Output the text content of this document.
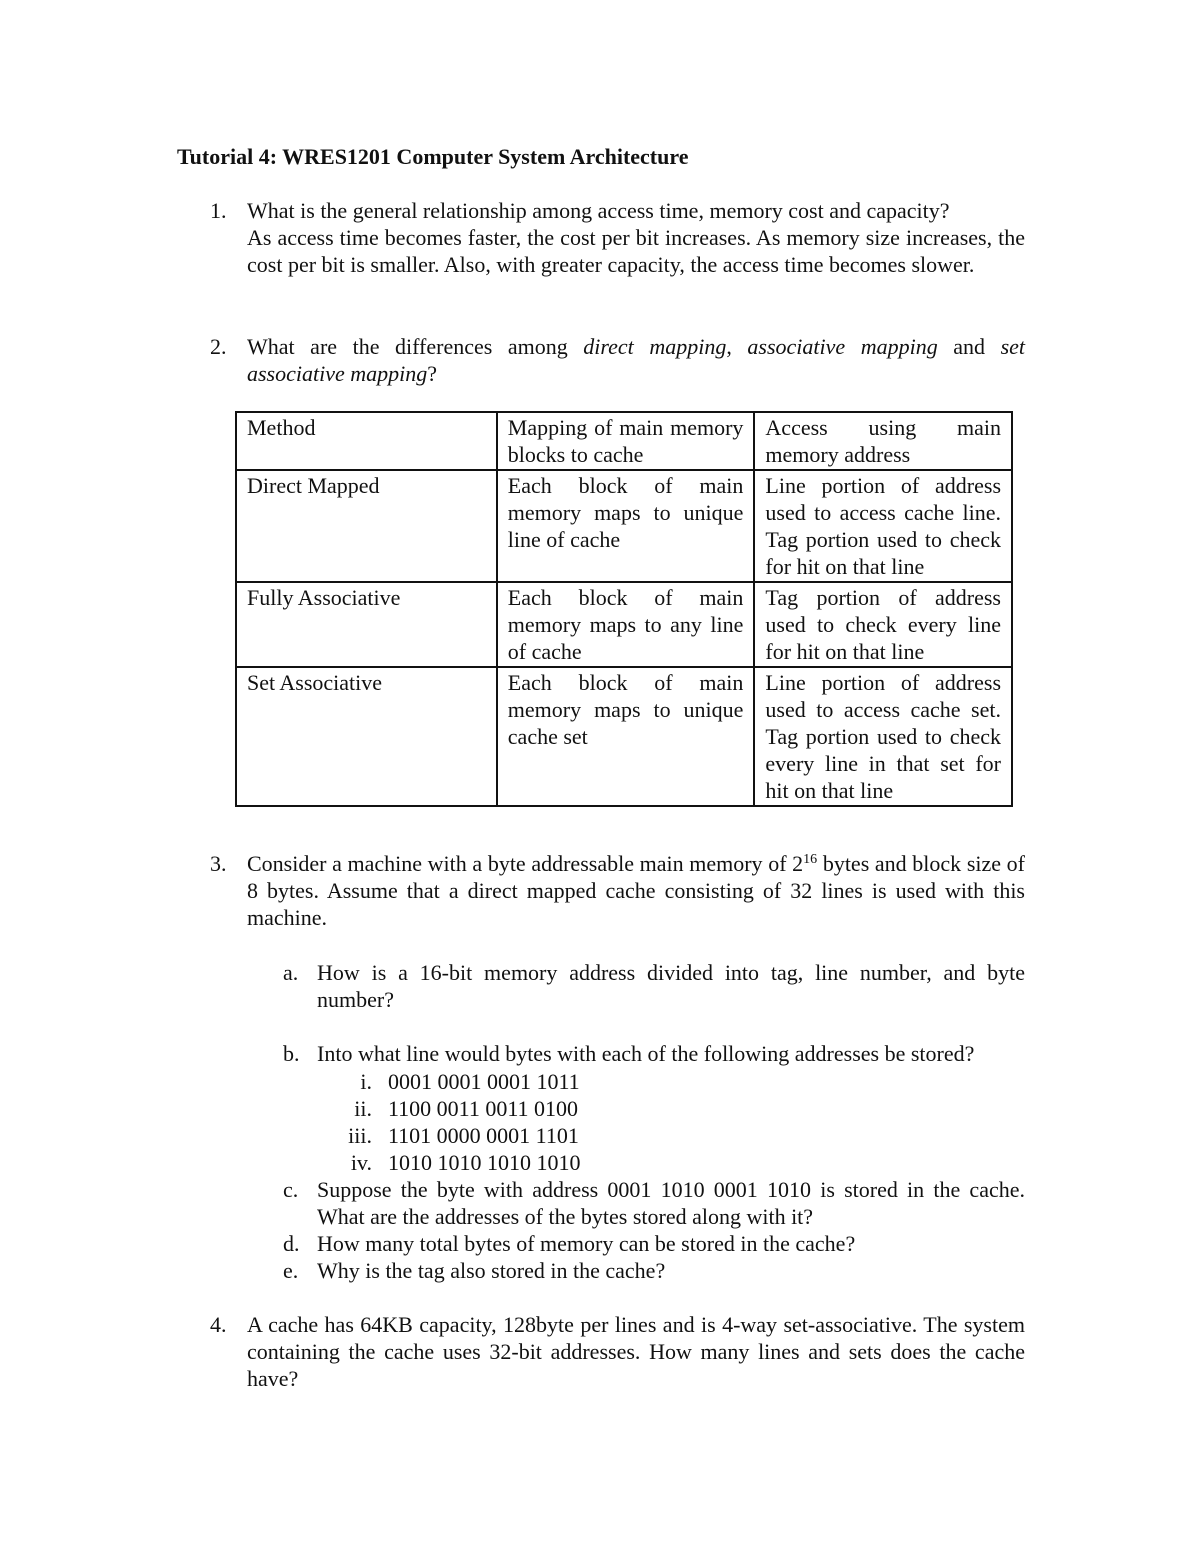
Tutorial 4: WRES1201 Computer System Architecture

1. What is the general relationship among access time, memory cost and capacity?

As access time becomes faster, the cost per bit increases. As memory size increases, the cost per bit is smaller. Also, with greater capacity, the access time becomes slower.

2. What are the differences among direct mapping, associative mapping and set associative mapping?

Method	Mapping of main memory blocks to cache	Access using main memory address
Direct Mapped	Each block of main memory maps to unique line of cache	Line portion of address used to access cache line. Tag portion used to check for hit on that line
Fully Associative	Each block of main memory maps to any line of cache	Tag portion of address used to check every line for hit on that line
Set Associative	Each block of main memory maps to unique cache set	Line portion of address used to access cache set. Tag portion used to check every line in that set for hit on that line
3. Consider a machine with a byte addressable main memory of $2^{16}$ bytes and block size of 8 bytes. Assume that a direct mapped cache consisting of 32 lines is used with this machine.

a. How is a 16-bit memory address divided into tag, line number, and byte number?
b. Into what line would bytes with each of the following addresses be stored?
i. 0001 0001 0001 1011
ii. 1100 0011 0011 0100
iii. 1101 0000 0001 1101
iv. 1010 1010 1010 1010
c. Suppose the byte with address 0001 1010 0001 1010 is stored in the cache. What are the addresses of the bytes stored along with it?
d. How many total bytes of memory can be stored in the cache?
e. Why is the tag also stored in the cache?
4. A cache has 64KB capacity, 128byte per lines and is 4-way set-associative. The system containing the cache uses 32-bit addresses. How many lines and sets does the cache have?
